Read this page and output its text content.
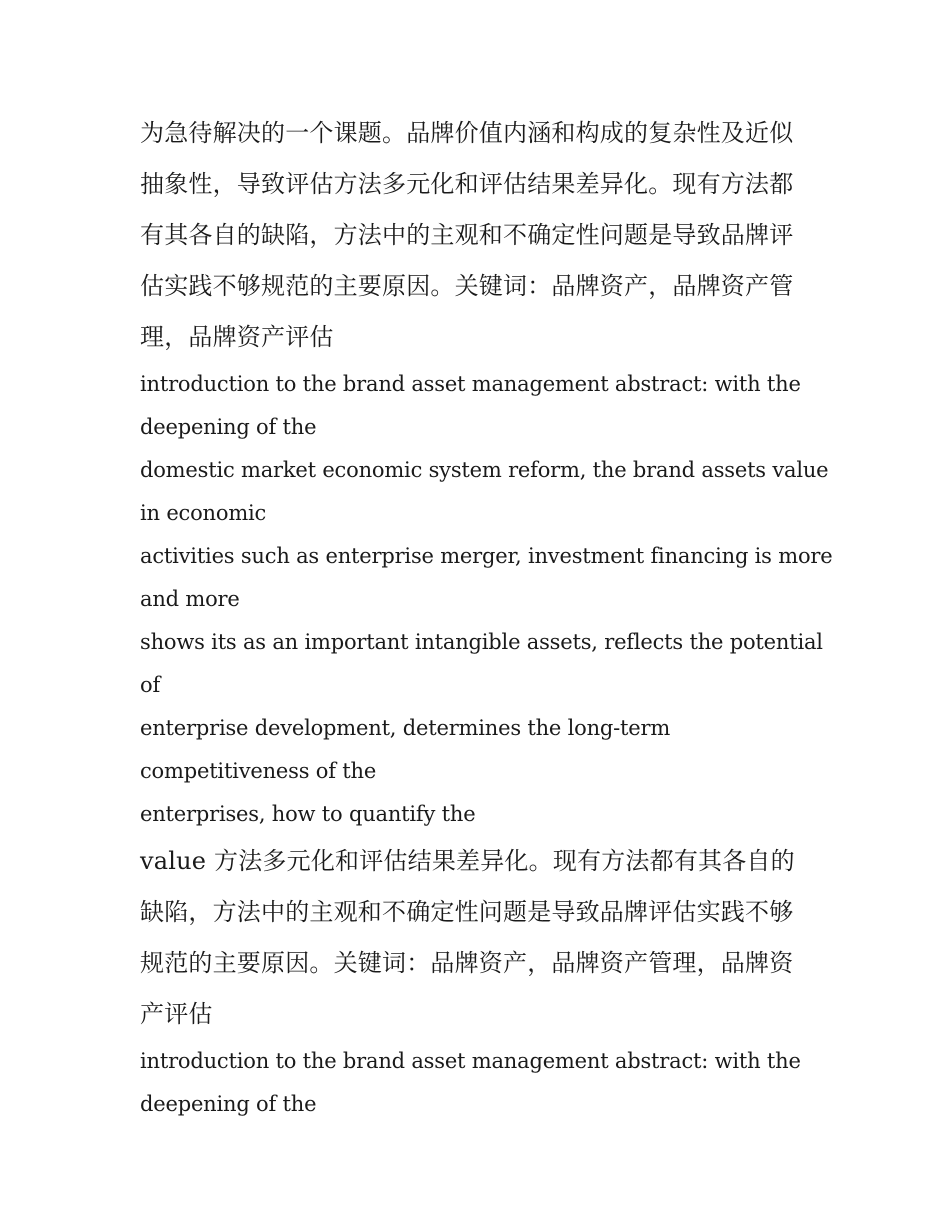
为急待解决的一个课题。品牌价值内涵和构成的复杂性及近似

抽象性，导致评估方法多元化和评估结果差异化。现有方法都

有其各自的缺陷，方法中的主观和不确定性问题是导致品牌评

估实践不够规范的主要原因。关键词：品牌资产，品牌资产管

理，品牌资产评估

introduction to the brand asset management abstract: with the

deepening of the

domestic market economic system reform, the brand assets value

in economic

activities such as enterprise merger, investment financing is more

and more

shows its as an important intangible assets, reflects the potential

of

enterprise development, determines the long-term

competitiveness of the

enterprises, how to quantify the

value 方法多元化和评估结果差异化。现有方法都有其各自的

缺陷，方法中的主观和不确定性问题是导致品牌评估实践不够

规范的主要原因。关键词：品牌资产，品牌资产管理，品牌资

产评估

introduction to the brand asset management abstract: with the

deepening of the
